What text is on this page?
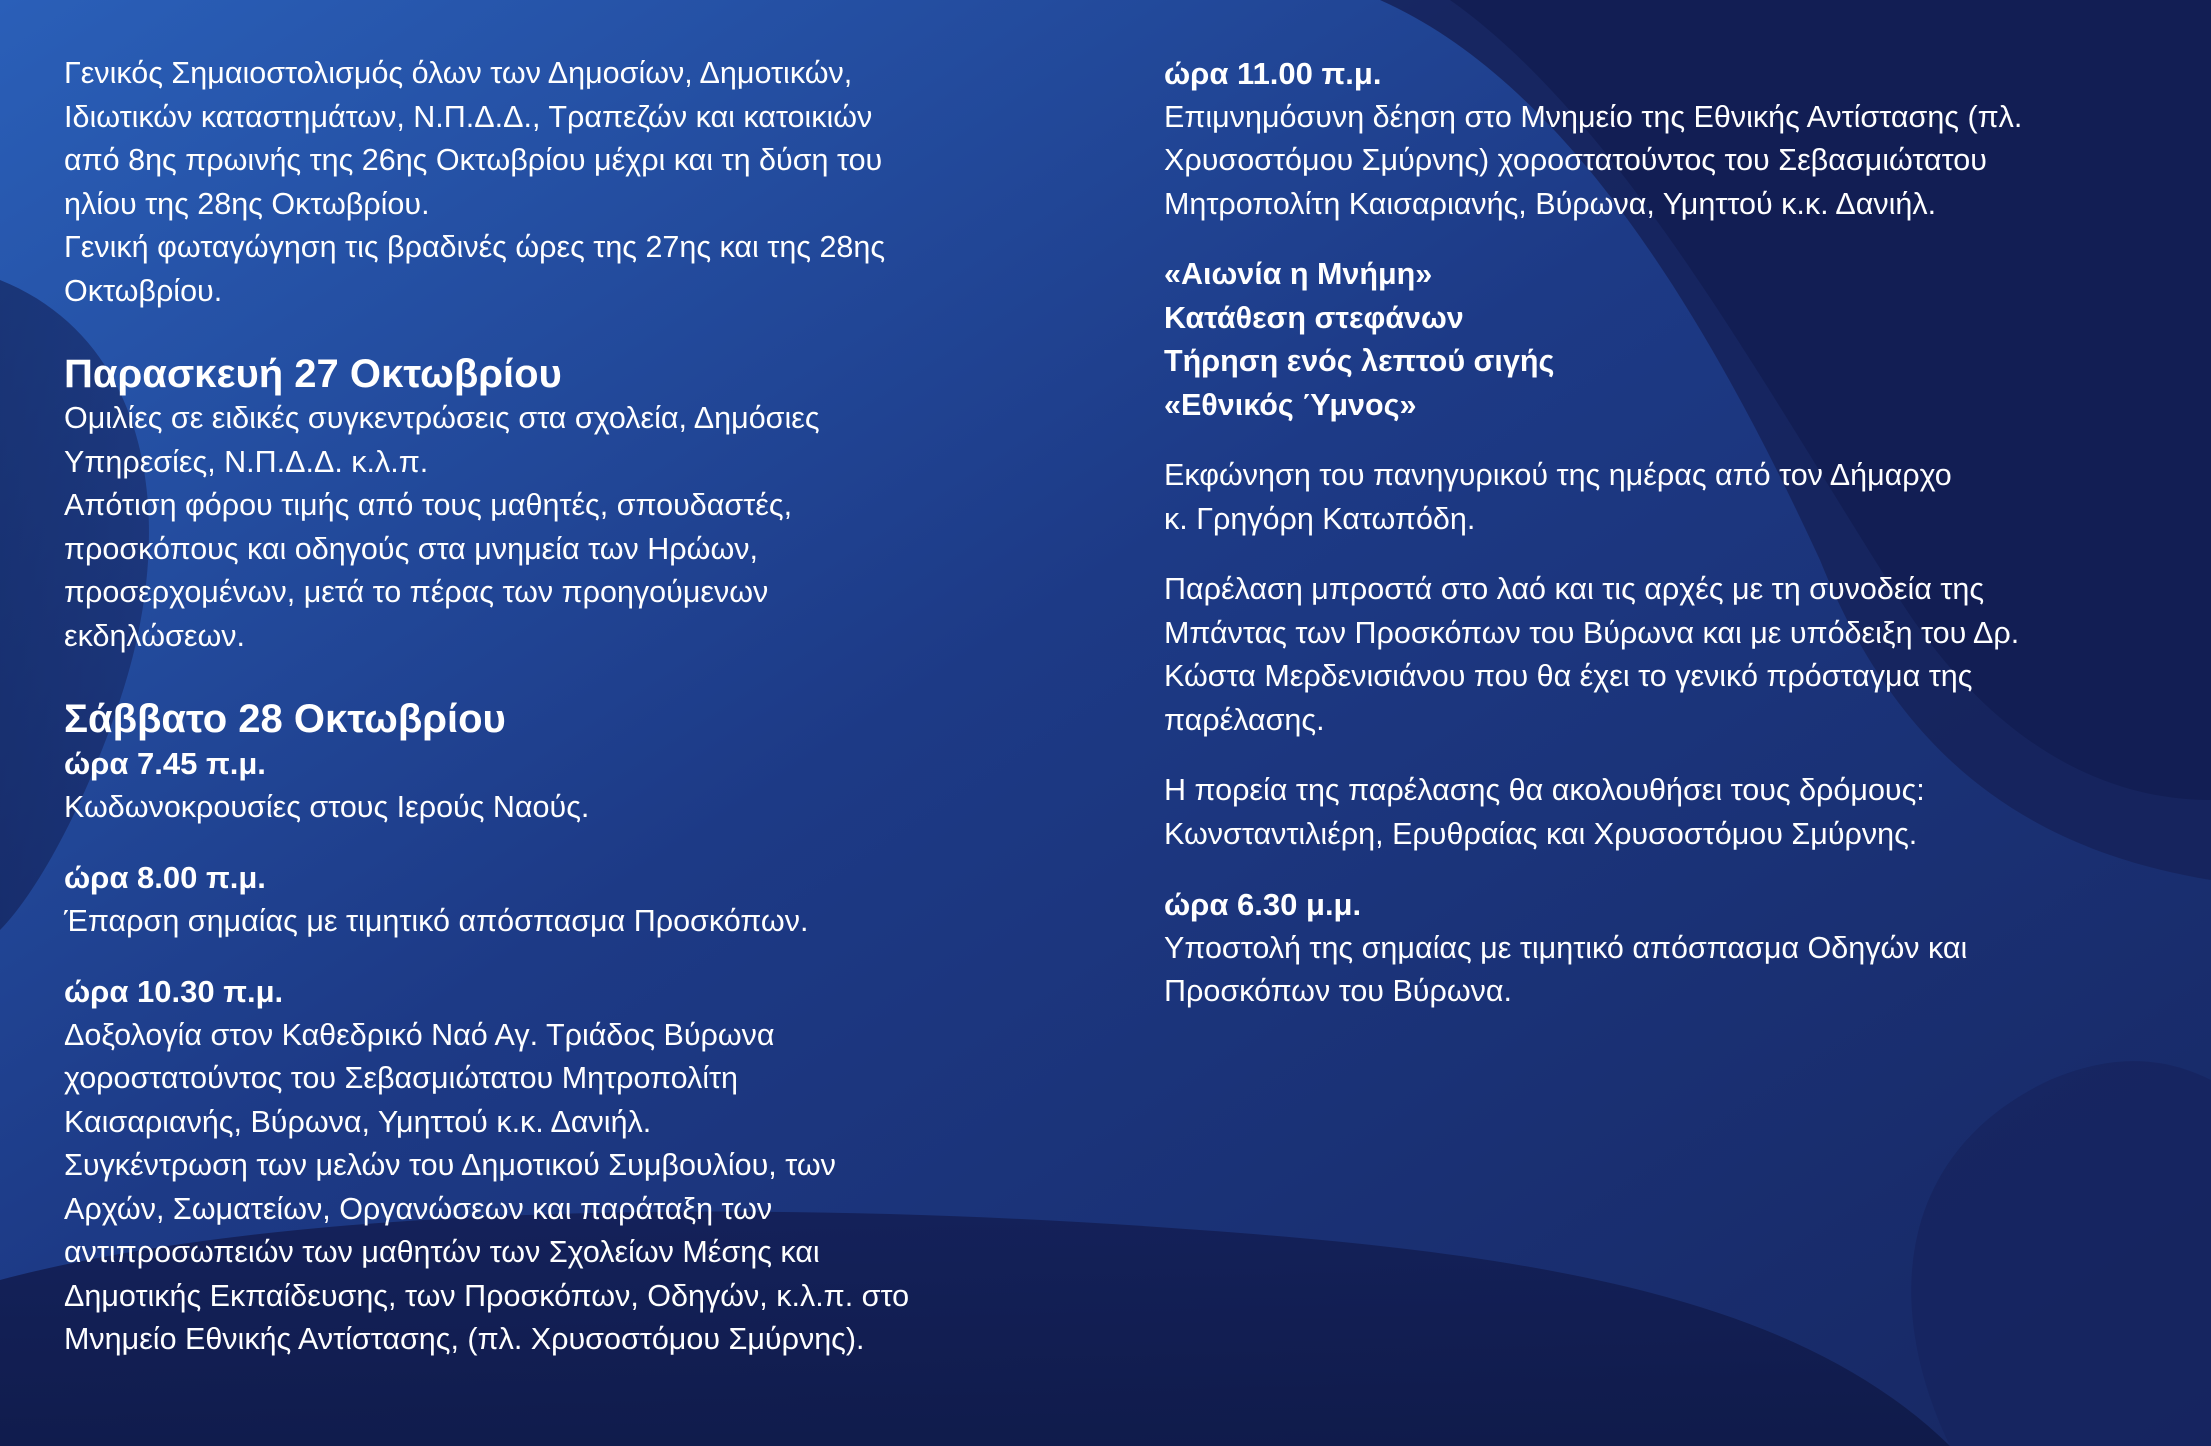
Γενικός Σημαιοστολισμός όλων των Δημοσίων, Δημοτικών,
Ιδιωτικών καταστημάτων, Ν.Π.Δ.Δ., Τραπεζών και κατοικιών
από 8ης πρωινής της 26ης Οκτωβρίου μέχρι και τη δύση του
ηλίου της 28ης Οκτωβρίου.
Γενική φωταγώγηση τις βραδινές ώρες της 27ης και της 28ης
Οκτωβρίου.

Παρασκευή 27 Οκτωβρίου

Ομιλίες σε ειδικές συγκεντρώσεις στα σχολεία, Δημόσιες
Υπηρεσίες, Ν.Π.Δ.Δ. κ.λ.π.
Απότιση φόρου τιμής από τους μαθητές, σπουδαστές,
προσκόπους και οδηγούς στα μνημεία των Ηρώων,
προσερχομένων, μετά το πέρας των προηγούμενων
εκδηλώσεων.

Σάββατο 28 Οκτωβρίου

ώρα 7.45 π.μ.

Κωδωνοκρουσίες στους Ιερούς Ναούς.

ώρα 8.00 π.μ.

Έπαρση σημαίας με τιμητικό απόσπασμα Προσκόπων.

ώρα 10.30 π.μ.

Δοξολογία στον Καθεδρικό Ναό Αγ. Τριάδος Βύρωνα
χοροστατούντος του Σεβασμιώτατου Μητροπολίτη
Καισαριανής, Βύρωνα, Υμηττού κ.κ. Δανιήλ.
Συγκέντρωση των μελών του Δημοτικού Συμβουλίου, των
Αρχών, Σωματείων, Οργανώσεων και παράταξη των
αντιπροσωπειών των μαθητών των Σχολείων Μέσης και
Δημοτικής Εκπαίδευσης, των Προσκόπων, Οδηγών, κ.λ.π. στο
Μνημείο Εθνικής Αντίστασης, (πλ. Χρυσοστόμου Σμύρνης).

ώρα 11.00 π.μ.

Επιμνημόσυνη δέηση στο Μνημείο της Εθνικής Αντίστασης (πλ.
Χρυσοστόμου Σμύρνης) χοροστατούντος του Σεβασμιώτατου
Μητροπολίτη Καισαριανής, Βύρωνα, Υμηττού κ.κ. Δανιήλ.

«Αιωνία η Μνήμη»

Κατάθεση στεφάνων

Τήρηση ενός λεπτού σιγής

«Εθνικός Ύμνος»

Εκφώνηση του πανηγυρικού της ημέρας από τον Δήμαρχο
κ. Γρηγόρη Κατωπόδη.

Παρέλαση μπροστά στο λαό και τις αρχές με τη συνοδεία της
Μπάντας των Προσκόπων του Βύρωνα και με υπόδειξη του Δρ.
Κώστα Μερδενισιάνου που θα έχει το γενικό πρόσταγμα της
παρέλασης.

Η πορεία της παρέλασης θα ακολουθήσει τους δρόμους:
Κωνσταντιλιέρη, Ερυθραίας και Χρυσοστόμου Σμύρνης.

ώρα 6.30 μ.μ.

Υποστολή της σημαίας με τιμητικό απόσπασμα Οδηγών και
Προσκόπων του Βύρωνα.
